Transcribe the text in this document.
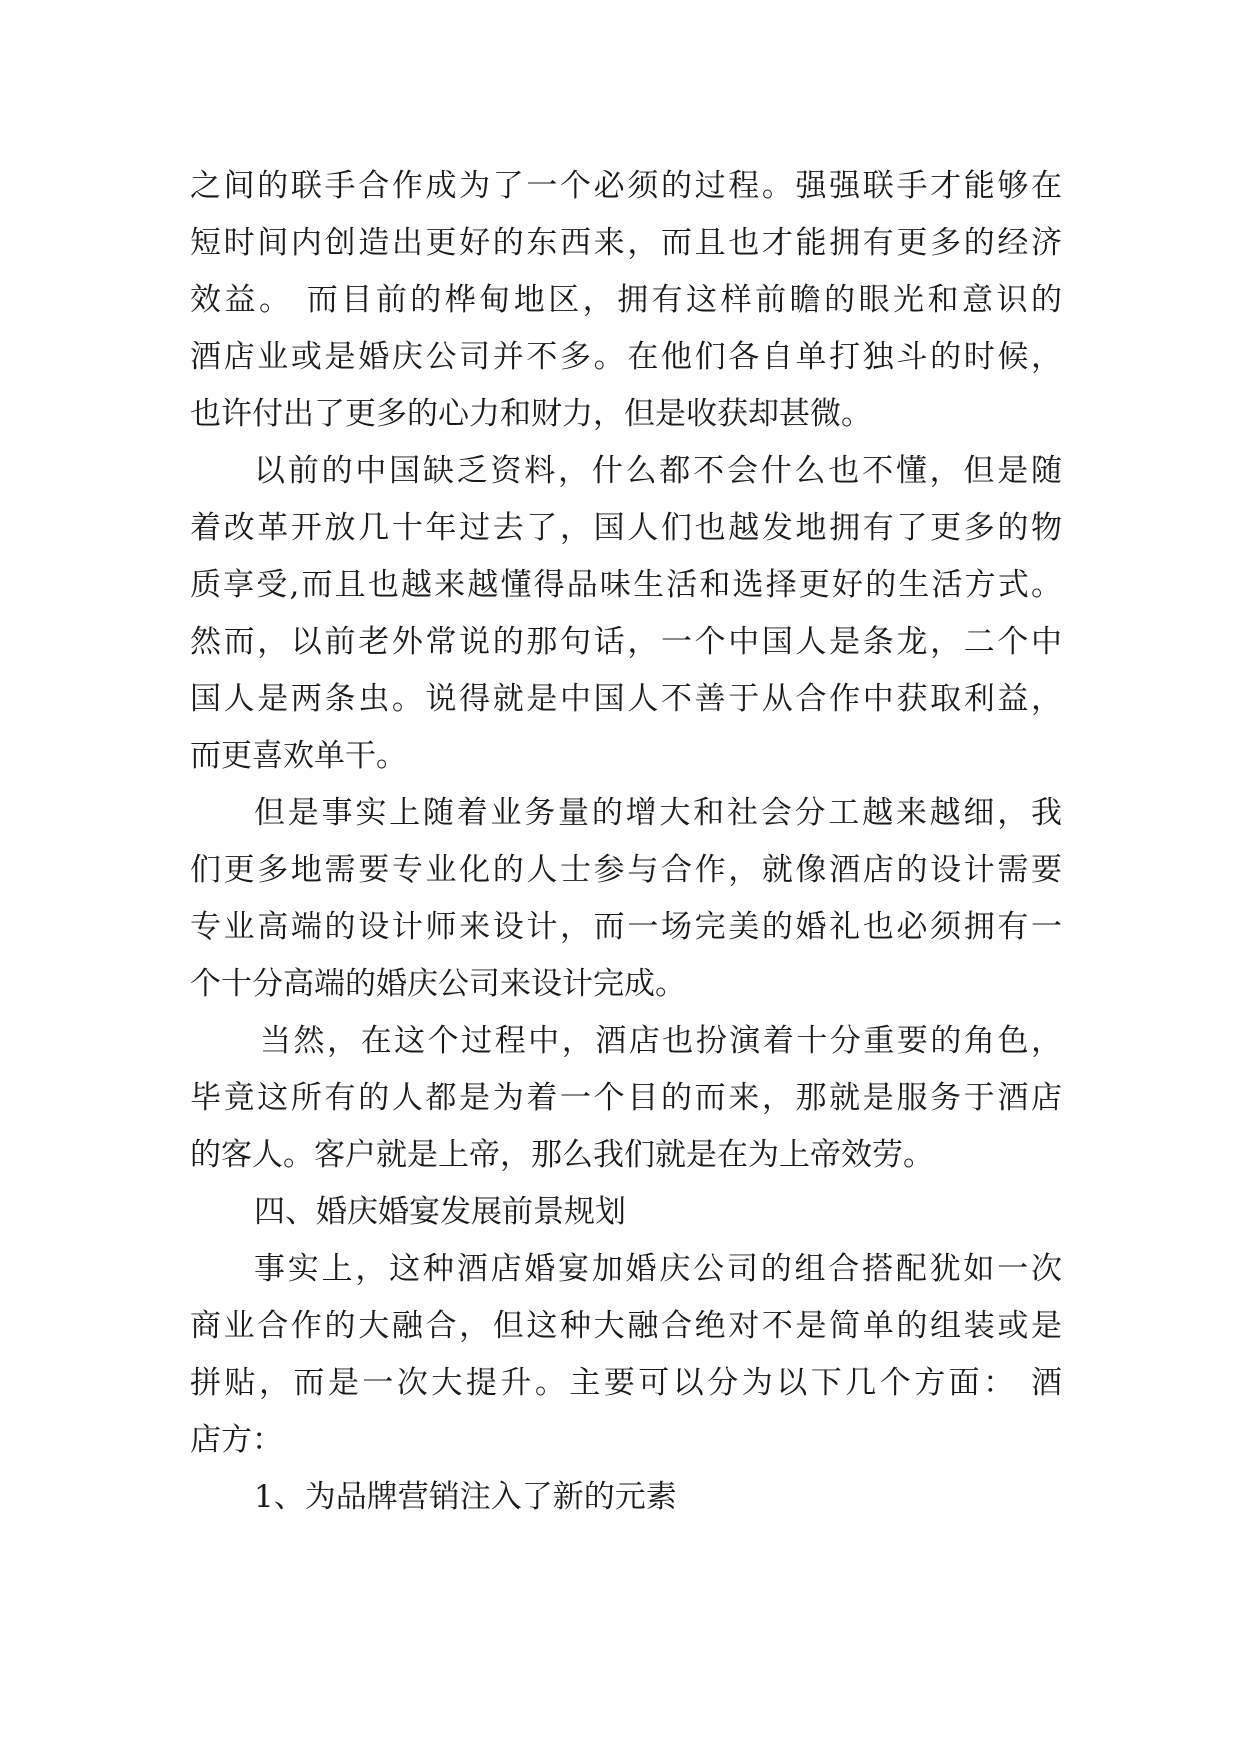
之间的联手合作成为了一个必须的过程。强强联手才能够在
短时间内创造出更好的东西来，而且也才能拥有更多的经济
效益。 而目前的桦甸地区，拥有这样前瞻的眼光和意识的
酒店业或是婚庆公司并不多。在他们各自单打独斗的时候，
也许付出了更多的心力和财力，但是收获却甚微。
以前的中国缺乏资料，什么都不会什么也不懂，但是随
着改革开放几十年过去了，国人们也越发地拥有了更多的物
质享受,而且也越来越懂得品味生活和选择更好的生活方式。
然而，以前老外常说的那句话，一个中国人是条龙，二个中
国人是两条虫。说得就是中国人不善于从合作中获取利益，
而更喜欢单干。
但是事实上随着业务量的增大和社会分工越来越细，我
们更多地需要专业化的人士参与合作，就像酒店的设计需要
专业高端的设计师来设计，而一场完美的婚礼也必须拥有一
个十分高端的婚庆公司来设计完成。
当然，在这个过程中，酒店也扮演着十分重要的角色，
毕竟这所有的人都是为着一个目的而来，那就是服务于酒店
的客人。客户就是上帝，那么我们就是在为上帝效劳。
四、婚庆婚宴发展前景规划
事实上，这种酒店婚宴加婚庆公司的组合搭配犹如一次
商业合作的大融合，但这种大融合绝对不是简单的组装或是
拼贴，而是一次大提升。主要可以分为以下几个方面： 酒
店方：
1、为品牌营销注入了新的元素
